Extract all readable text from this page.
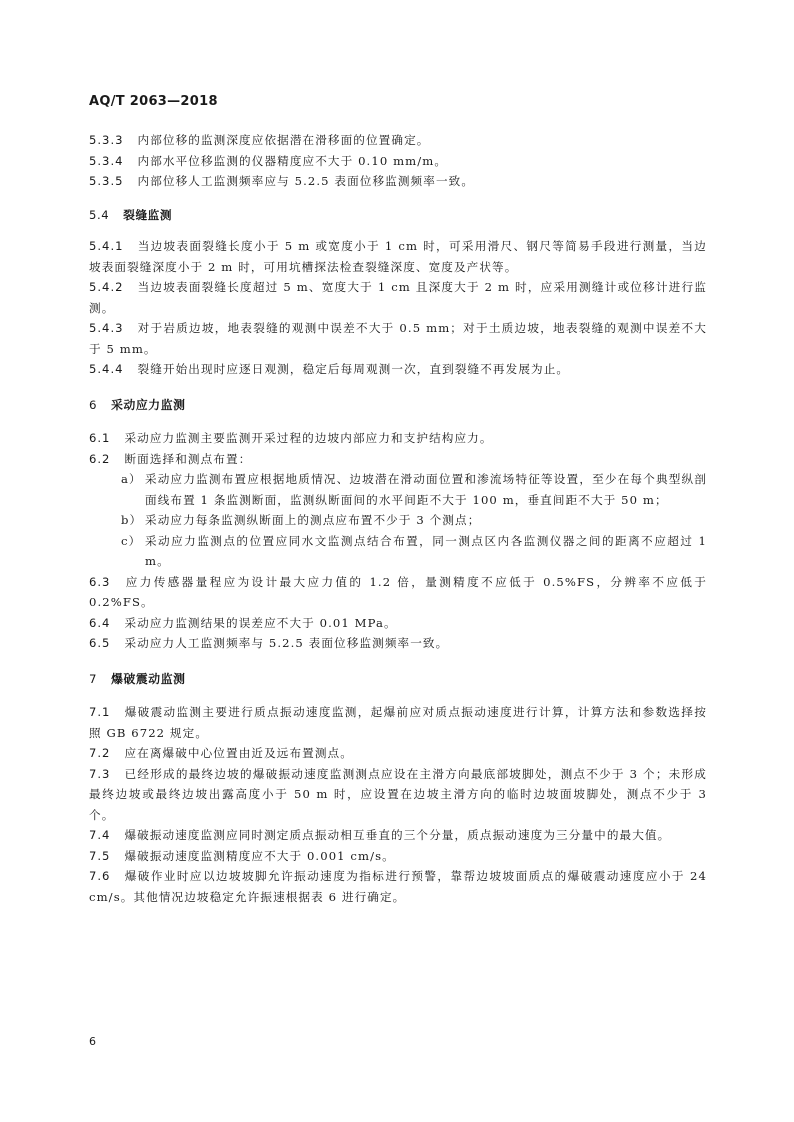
AQ/T 2063—2018

5.3.3 内部位移的监测深度应依据潜在滑移面的位置确定。

5.3.4 内部水平位移监测的仪器精度应不大于 0.10 mm/m。

5.3.5 内部位移人工监测频率应与 5.2.5 表面位移监测频率一致。

5.4 裂缝监测

5.4.1 当边坡表面裂缝长度小于 5 m 或宽度小于 1 cm 时，可采用滑尺、钢尺等简易手段进行测量，当边坡表面裂缝深度小于 2 m 时，可用坑槽探法检查裂缝深度、宽度及产状等。

5.4.2 当边坡表面裂缝长度超过 5 m、宽度大于 1 cm 且深度大于 2 m 时，应采用测缝计或位移计进行监测。

5.4.3 对于岩质边坡，地表裂缝的观测中误差不大于 0.5 mm；对于土质边坡，地表裂缝的观测中误差不大于 5 mm。

5.4.4 裂缝开始出现时应逐日观测，稳定后每周观测一次，直到裂缝不再发展为止。

6 采动应力监测

6.1 采动应力监测主要监测开采过程的边坡内部应力和支护结构应力。

6.2 断面选择和测点布置：

a） 采动应力监测布置应根据地质情况、边坡潜在滑动面位置和渗流场特征等设置，至少在每个典型纵剖面线布置 1 条监测断面，监测纵断面间的水平间距不大于 100 m，垂直间距不大于 50 m；
b） 采动应力每条监测纵断面上的测点应布置不少于 3 个测点；
c） 采动应力监测点的位置应同水文监测点结合布置，同一测点区内各监测仪器之间的距离不应超过 1 m。

6.3 应力传感器量程应为设计最大应力值的 1.2 倍，量测精度不应低于 0.5%FS，分辨率不应低于 0.2%FS。

6.4 采动应力监测结果的误差应不大于 0.01 MPa。

6.5 采动应力人工监测频率与 5.2.5 表面位移监测频率一致。

7 爆破震动监测

7.1 爆破震动监测主要进行质点振动速度监测，起爆前应对质点振动速度进行计算，计算方法和参数选择按照 GB 6722 规定。

7.2 应在离爆破中心位置由近及远布置测点。

7.3 已经形成的最终边坡的爆破振动速度监测测点应设在主滑方向最底部坡脚处，测点不少于 3 个；未形成最终边坡或最终边坡出露高度小于 50 m 时，应设置在边坡主滑方向的临时边坡面坡脚处，测点不少于 3 个。

7.4 爆破振动速度监测应同时测定质点振动相互垂直的三个分量，质点振动速度为三分量中的最大值。

7.5 爆破振动速度监测精度应不大于 0.001 cm/s。

7.6 爆破作业时应以边坡坡脚允许振动速度为指标进行预警，靠帮边坡坡面质点的爆破震动速度应小于 24 cm/s。其他情况边坡稳定允许振速根据表 6 进行确定。

6
